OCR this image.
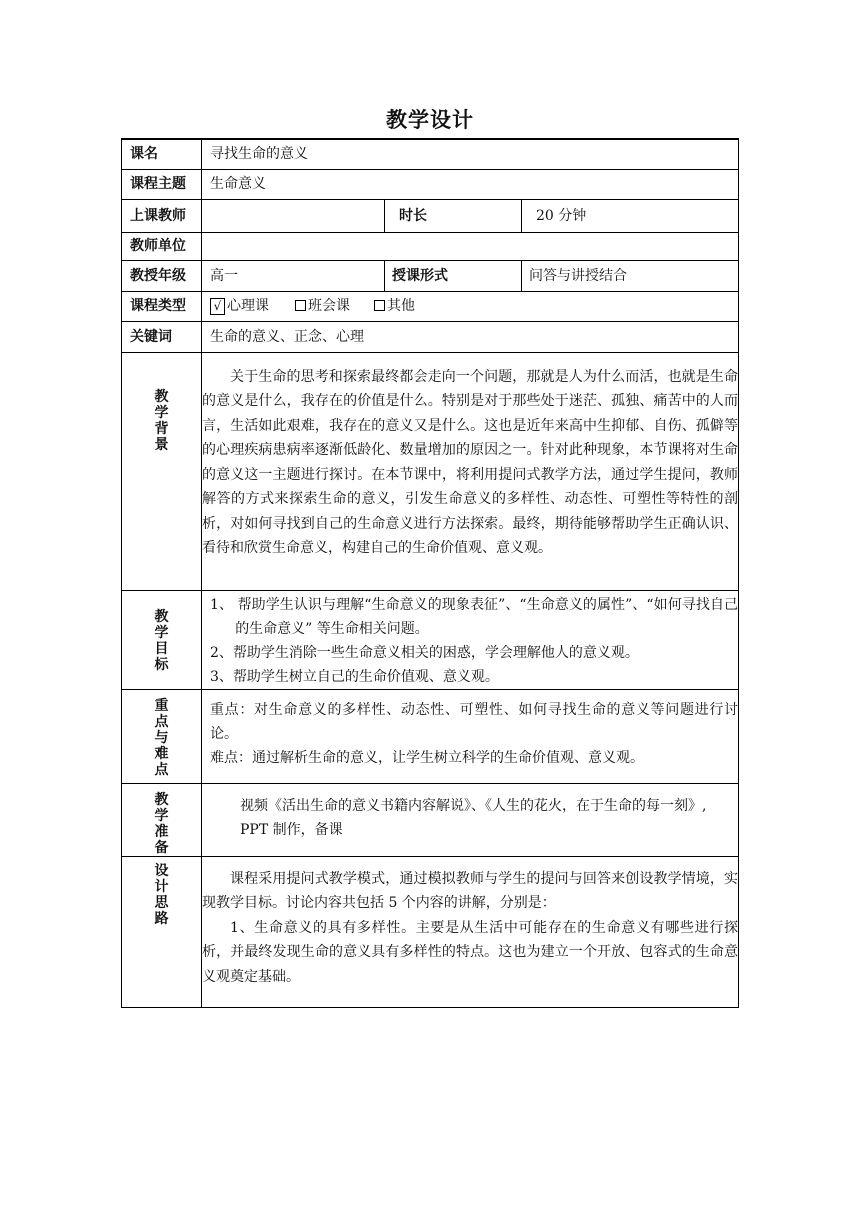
教学设计
课名	寻找生命的意义		
课程主题	生命意义		
上课教师		时长	20 分钟
教师单位			
教授年级	高一	授课形式	问答与讲授结合
课程类型	√ 心理课 班会课 其他		
关键词	生命的意义、正念、心理		

教学背景	关于生命的思考和探索最终都会走向一个问题，那就是人为什么而活，也就是生命的意义是什么，我存在的价值是什么。特别是对于那些处于迷茫、孤独、痛苦中的人而言，生活如此艰难，我存在的意义又是什么。这也是近年来高中生抑郁、自伤、孤僻等的心理疾病患病率逐渐低龄化、数量增加的原因之一。针对此种现象，本节课将对生命的意义这一主题进行探讨。在本节课中，将利用提问式教学方法，通过学生提问，教师解答的方式来探索生命的意义，引发生命意义的多样性、动态性、可塑性等特性的剖析，对如何寻找到自己的生命意义进行方法探索。最终，期待能够帮助学生正确认识、看待和欣赏生命意义，构建自己的生命价值观、意义观。		

教学目标	1、 帮助学生认识与理解“生命意义的现象表征”、“生命意义的属性”、“如何寻找自己的生命意义” 等生命相关问题。
2、帮助学生消除一些生命意义相关的困惑，学会理解他人的意义观。
3、帮助学生树立自己的生命价值观、意义观。		

重点与难点	重点：对生命意义的多样性、动态性、可塑性、如何寻找生命的意义等问题进行讨论。
难点：通过解析生命的意义，让学生树立科学的生命价值观、意义观。		

教学准备	视频《活出生命的意义书籍内容解说》、《人生的花火，在于生命的每一刻》,
PPT 制作，备课		

设计思路	课程采用提问式教学模式，通过模拟教师与学生的提问与回答来创设教学情境，实现教学目标。讨论内容共包括 5 个内容的讲解，分别是：
1、生命意义的具有多样性。主要是从生活中可能存在的生命意义有哪些进行探析，并最终发现生命的意义具有多样性的特点。这也为建立一个开放、包容式的生命意义观奠定基础。		
